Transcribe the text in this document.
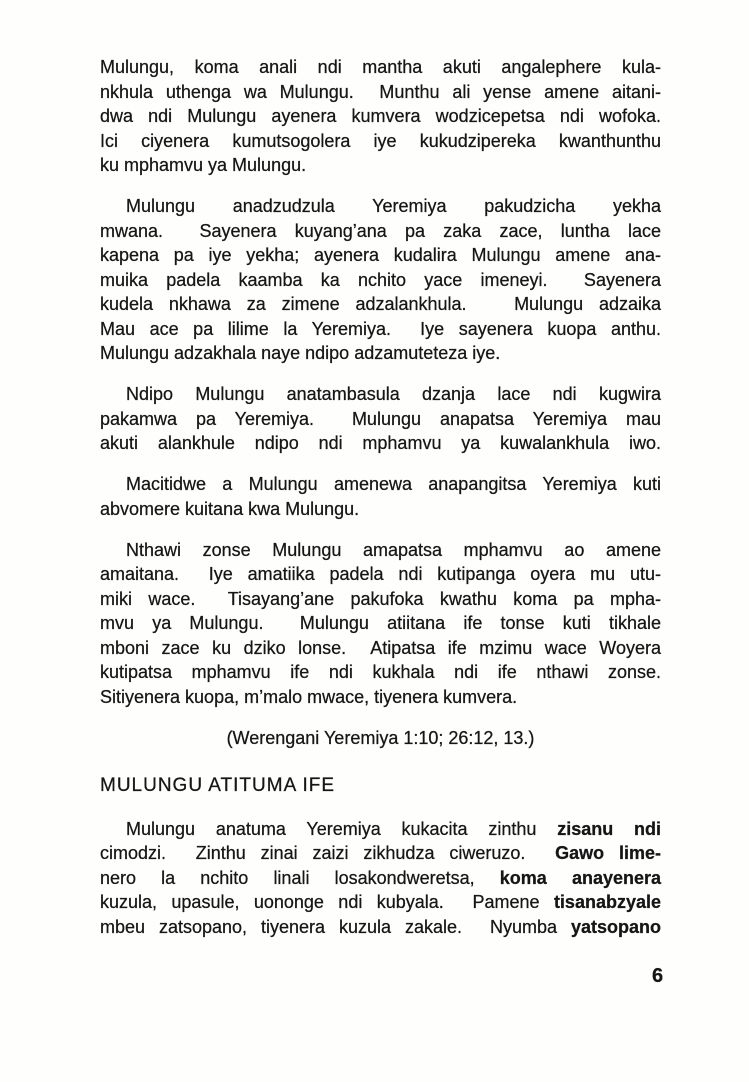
Mulungu, koma anali ndi mantha akuti angalephere kula-
nkhula uthenga wa Mulungu.  Munthu ali yense amene aitani-
dwa ndi Mulungu ayenera kumvera wodzicepetsa ndi wofoka.
Ici ciyenera kumutsogolera iye kukudzipereka kwanthunthu
ku mphamvu ya Mulungu.
Mulungu anadzudzula Yeremiya pakudzicha yekha
mwana.  Sayenera kuyang’ana pa zaka zace, luntha lace
kapena pa iye yekha; ayenera kudalira Mulungu amene ana-
muika padela kaamba ka nchito yace imeneyi.  Sayenera
kudela nkhawa za zimene adzalankhula.   Mulungu adzaika
Mau ace pa lilime la Yeremiya.  Iye sayenera kuopa anthu.
Mulungu adzakhala naye ndipo adzamuteteza iye.
Ndipo Mulungu anatambasula dzanja lace ndi kugwira
pakamwa pa Yeremiya.  Mulungu anapatsa Yeremiya mau
akuti alankhule ndipo ndi mphamvu ya kuwalankhula iwo.
Macitidwe a Mulungu amenewa anapangitsa Yeremiya kuti
abvomere kuitana kwa Mulungu.
Nthawi zonse Mulungu amapatsa mphamvu ao amene
amaitana.  Iye amatiika padela ndi kutipanga oyera mu utu-
miki wace.  Tisayang’ane pakufoka kwathu koma pa mpha-
mvu ya Mulungu.  Mulungu atiitana ife tonse kuti tikhale
mboni zace ku dziko lonse.  Atipatsa ife mzimu wace Woyera
kutipatsa mphamvu ife ndi kukhala ndi ife nthawi zonse.
Sitiyenera kuopa, m’malo mwace, tiyenera kumvera.
(Werengani Yeremiya 1:10; 26:12, 13.)
MULUNGU ATITUMA IFE
Mulungu anatuma Yeremiya kukacita zinthu zisanu ndi
cimodzi.  Zinthu zinai zaizi zikhudza ciweruzo.  Gawo lime-
nero la nchito linali losakondweretsa, koma anayenera
kuzula, upasule, uononge ndi kubyala.  Pamene tisanabzyale
mbeu zatsopano, tiyenera kuzula zakale.  Nyumba yatsopano
6
